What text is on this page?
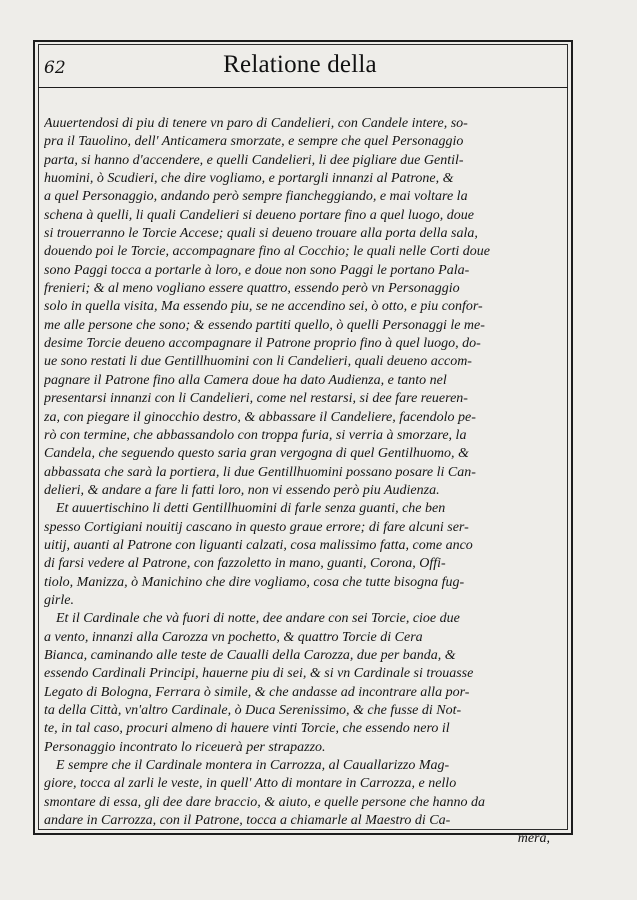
62	Relatione della
Auuertendosi di piu di tenere vn paro di Candelieri, con Candele intere, so-
pra il Tauolino, dell' Anticamera smorzate, e sempre che quel Personaggio
parta, si hanno d'accendere, e quelli Candelieri, li dee pigliare due Gentil-
huomini, ò Scudieri, che dire vogliamo, e portargli innanzi al Patrone, &
a quel Personaggio, andando però sempre fiancheggiando, e mai voltare la
schena à quelli, li quali Candelieri si deueno portare fino a quel luogo, doue
si trouerranno le Torcie Accese; quali si deueno trouare alla porta della sala,
douendo poi le Torcie, accompagnare fino al Cocchio; le quali nelle Corti doue
sono Paggi tocca a portarle à loro, e doue non sono Paggi le portano Pala-
frenieri; & al meno vogliano essere quattro, essendo però vn Personaggio
solo in quella visita, Ma essendo piu, se ne accendino sei, ò otto, e piu confor-
me alle persone che sono; & essendo partiti quello, ò quelli Personaggi le me-
desime Torcie deueno accompagnare il Patrone proprio fino à quel luogo, do-
ue sono restati li due Gentillhuomini con li Candelieri, quali deueno accom-
pagnare il Patrone fino alla Camera doue ha dato Audienza, e tanto nel
presentarsi innanzi con li Candelieri, come nel restarsi, si dee fare reueren-
za, con piegare il ginocchio destro, & abbassare il Candeliere, facendolo pe-
rò con termine, che abbassandolo con troppa furia, si verria à smorzare, la
Candela, che seguendo questo saria gran vergogna di quel Gentilhuomo, &
abbassata che sarà la portiera, li due Gentillhuomini possano posare li Can-
delieri, & andare a fare li fatti loro, non vi essendo però piu Audienza.
Et auuertischino li detti Gentillhuomini di farle senza guanti, che ben
spesso Cortigiani nouitij cascano in questo graue errore; di fare alcuni ser-
uitij, auanti al Patrone con liguanti calzati, cosa malissimo fatta, come anco
di farsi vedere al Patrone, con fazzoletto in mano, guanti, Corona, Offi-
tiolo, Manizza, ò Manichino che dire vogliamo, cosa che tutte bisogna fug-
girle.
Et il Cardinale che và fuori di notte, dee andare con sei Torcie, cioe due
a vento, innanzi alla Carozza vn pochetto, & quattro Torcie di Cera
Bianca, caminando alle teste de Caualli della Carozza, due per banda, &
essendo Cardinali Principi, hauerne piu di sei, & si vn Cardinale si trouasse
Legato di Bologna, Ferrara ò simile, & che andasse ad incontrare alla por-
ta della Città, vn'altro Cardinale, ò Duca Serenissimo, & che fusse di Not-
te, in tal caso, procuri almeno di hauere vinti Torcie, che essendo nero il
Personaggio incontrato lo riceuerà per strapazzo.
E sempre che il Cardinale montera in Carrozza, al Cauallarizzo Mag-
giore, tocca al zarli le veste, in quell' Atto di montare in Carrozza, e nello
smontare di essa, gli dee dare braccio, & aiuto, e quelle persone che hanno da
andare in Carrozza, con il Patrone, tocca a chiamarle al Maestro di Ca-
mera,
